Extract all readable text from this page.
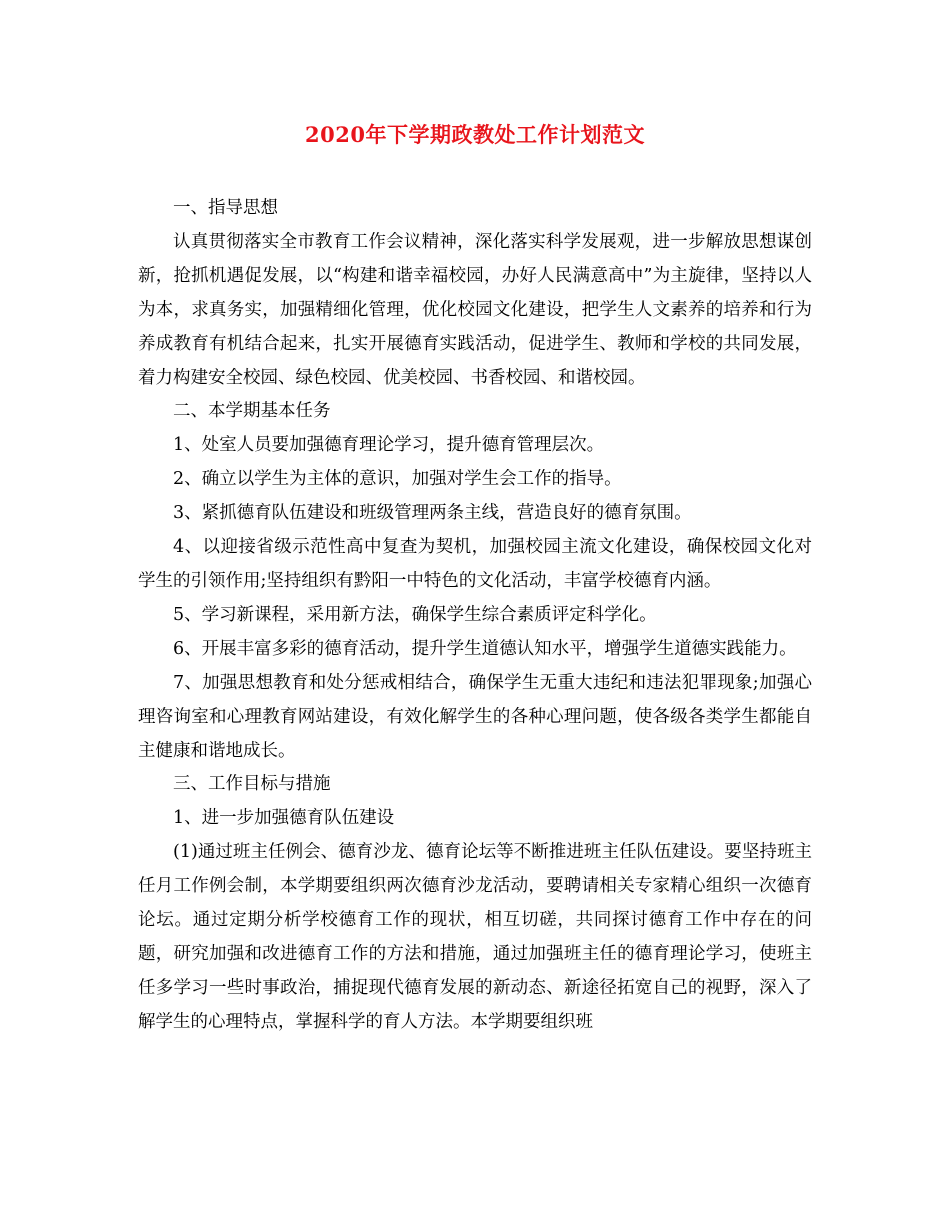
2020年下学期政教处工作计划范文

一、指导思想

认真贯彻落实全市教育工作会议精神，深化落实科学发展观，进一步解放思想谋创新，抢抓机遇促发展，以“构建和谐幸福校园，办好人民满意高中”为主旋律，坚持以人为本，求真务实，加强精细化管理，优化校园文化建设，把学生人文素养的培养和行为养成教育有机结合起来，扎实开展德育实践活动，促进学生、教师和学校的共同发展，着力构建安全校园、绿色校园、优美校园、书香校园、和谐校园。

二、本学期基本任务

1、处室人员要加强德育理论学习，提升德育管理层次。

2、确立以学生为主体的意识，加强对学生会工作的指导。

3、紧抓德育队伍建设和班级管理两条主线，营造良好的德育氛围。

4、以迎接省级示范性高中复查为契机，加强校园主流文化建设，确保校园文化对学生的引领作用;坚持组织有黔阳一中特色的文化活动，丰富学校德育内涵。

5、学习新课程，采用新方法，确保学生综合素质评定科学化。

6、开展丰富多彩的德育活动，提升学生道德认知水平，增强学生道德实践能力。

7、加强思想教育和处分惩戒相结合，确保学生无重大违纪和违法犯罪现象;加强心理咨询室和心理教育网站建设，有效化解学生的各种心理问题，使各级各类学生都能自主健康和谐地成长。

三、工作目标与措施

1、进一步加强德育队伍建设

(1)通过班主任例会、德育沙龙、德育论坛等不断推进班主任队伍建设。要坚持班主任月工作例会制，本学期要组织两次德育沙龙活动，要聘请相关专家精心组织一次德育论坛。通过定期分析学校德育工作的现状，相互切磋，共同探讨德育工作中存在的问题，研究加强和改进德育工作的方法和措施，通过加强班主任的德育理论学习，使班主任多学习一些时事政治，捕捉现代德育发展的新动态、新途径拓宽自己的视野，深入了解学生的心理特点，掌握科学的育人方法。本学期要组织班
